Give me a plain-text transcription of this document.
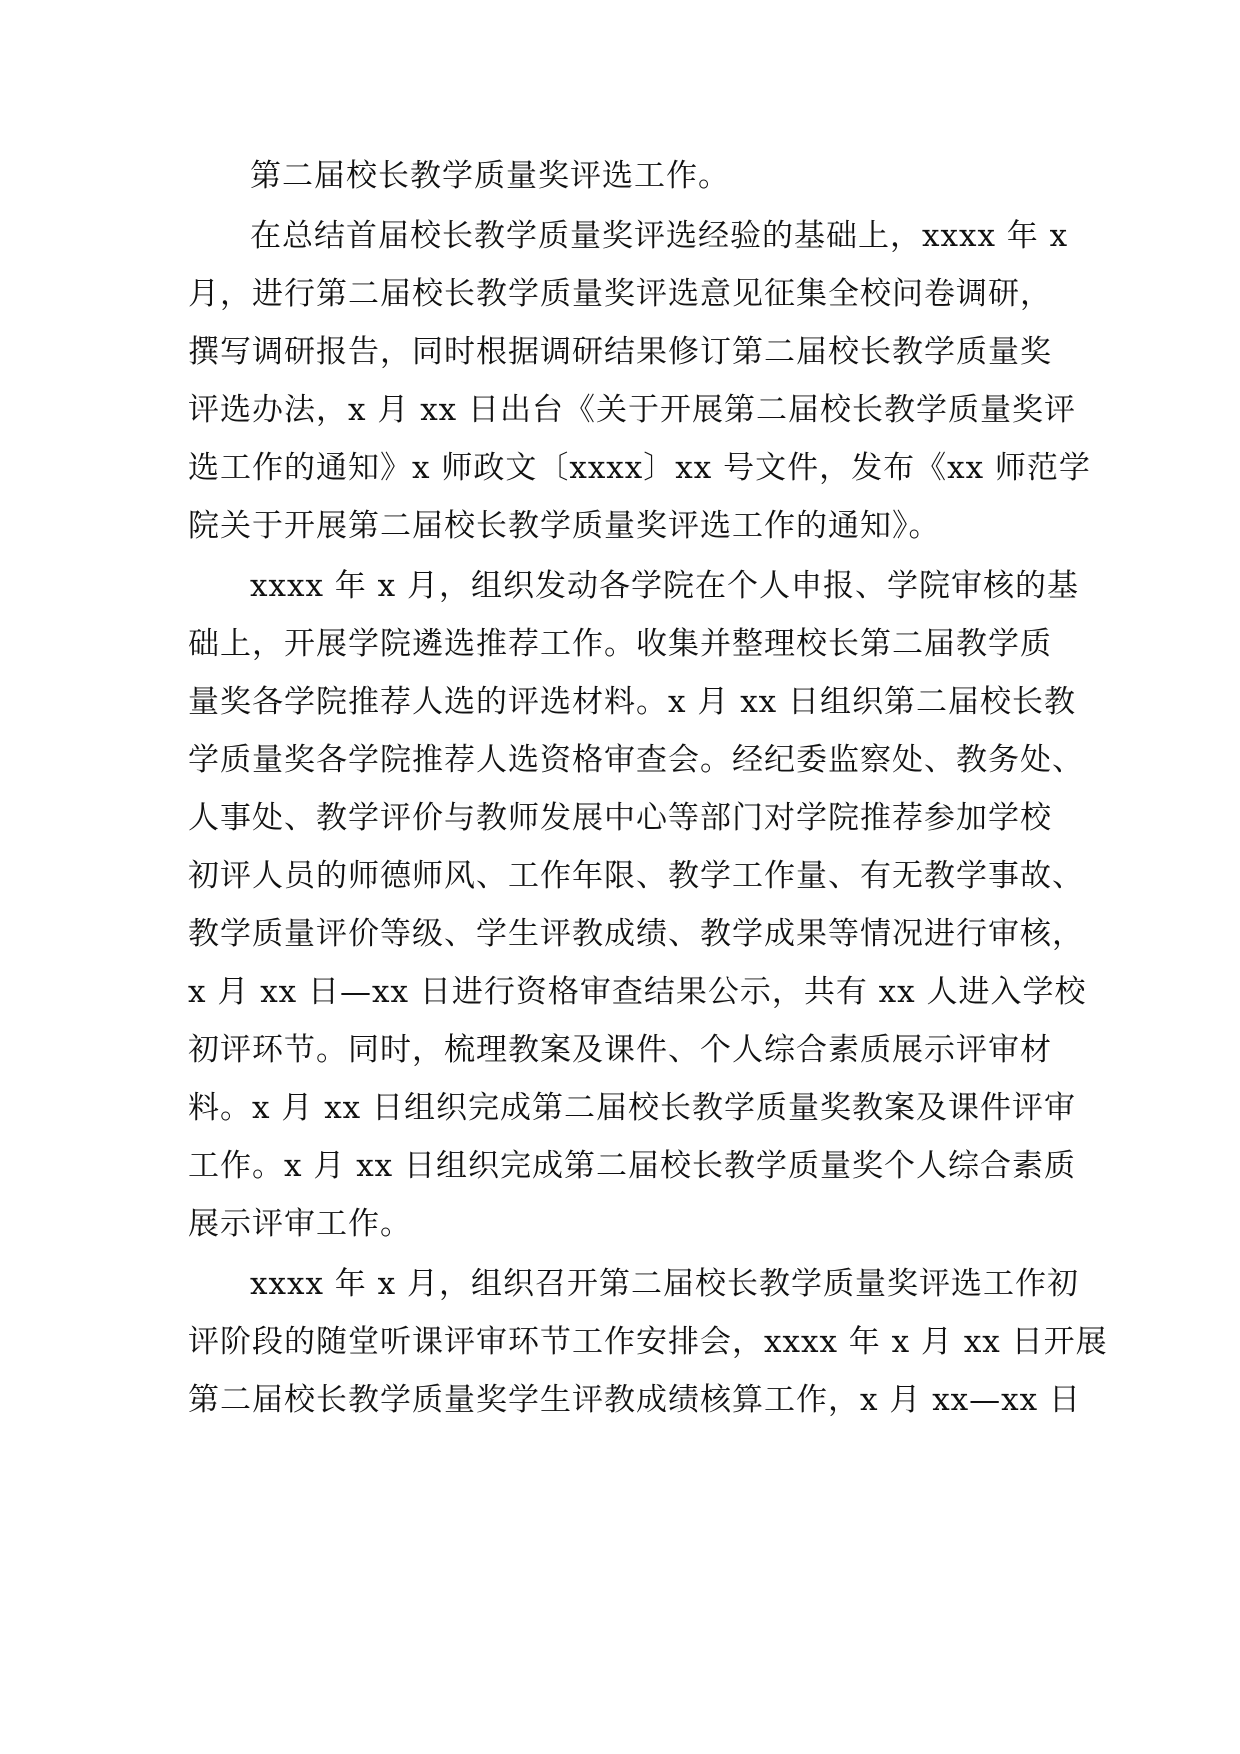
第二届校长教学质量奖评选工作。
在总结首届校长教学质量奖评选经验的基础上，xxxx 年 x
月，进行第二届校长教学质量奖评选意见征集全校问卷调研，
撰写调研报告，同时根据调研结果修订第二届校长教学质量奖
评选办法，x 月 xx 日出台《关于开展第二届校长教学质量奖评
选工作的通知》x 师政文〔xxxx〕xx 号文件，发布《xx 师范学
院关于开展第二届校长教学质量奖评选工作的通知》。
xxxx 年 x 月，组织发动各学院在个人申报、学院审核的基
础上，开展学院遴选推荐工作。收集并整理校长第二届教学质
量奖各学院推荐人选的评选材料。x 月 xx 日组织第二届校长教
学质量奖各学院推荐人选资格审查会。经纪委监察处、教务处、
人事处、教学评价与教师发展中心等部门对学院推荐参加学校
初评人员的师德师风、工作年限、教学工作量、有无教学事故、
教学质量评价等级、学生评教成绩、教学成果等情况进行审核，
x 月 xx 日—xx 日进行资格审查结果公示，共有 xx 人进入学校
初评环节。同时，梳理教案及课件、个人综合素质展示评审材
料。x 月 xx 日组织完成第二届校长教学质量奖教案及课件评审
工作。x 月 xx 日组织完成第二届校长教学质量奖个人综合素质
展示评审工作。
xxxx 年 x 月，组织召开第二届校长教学质量奖评选工作初
评阶段的随堂听课评审环节工作安排会，xxxx 年 x 月 xx 日开展
第二届校长教学质量奖学生评教成绩核算工作，x 月 xx—xx 日
